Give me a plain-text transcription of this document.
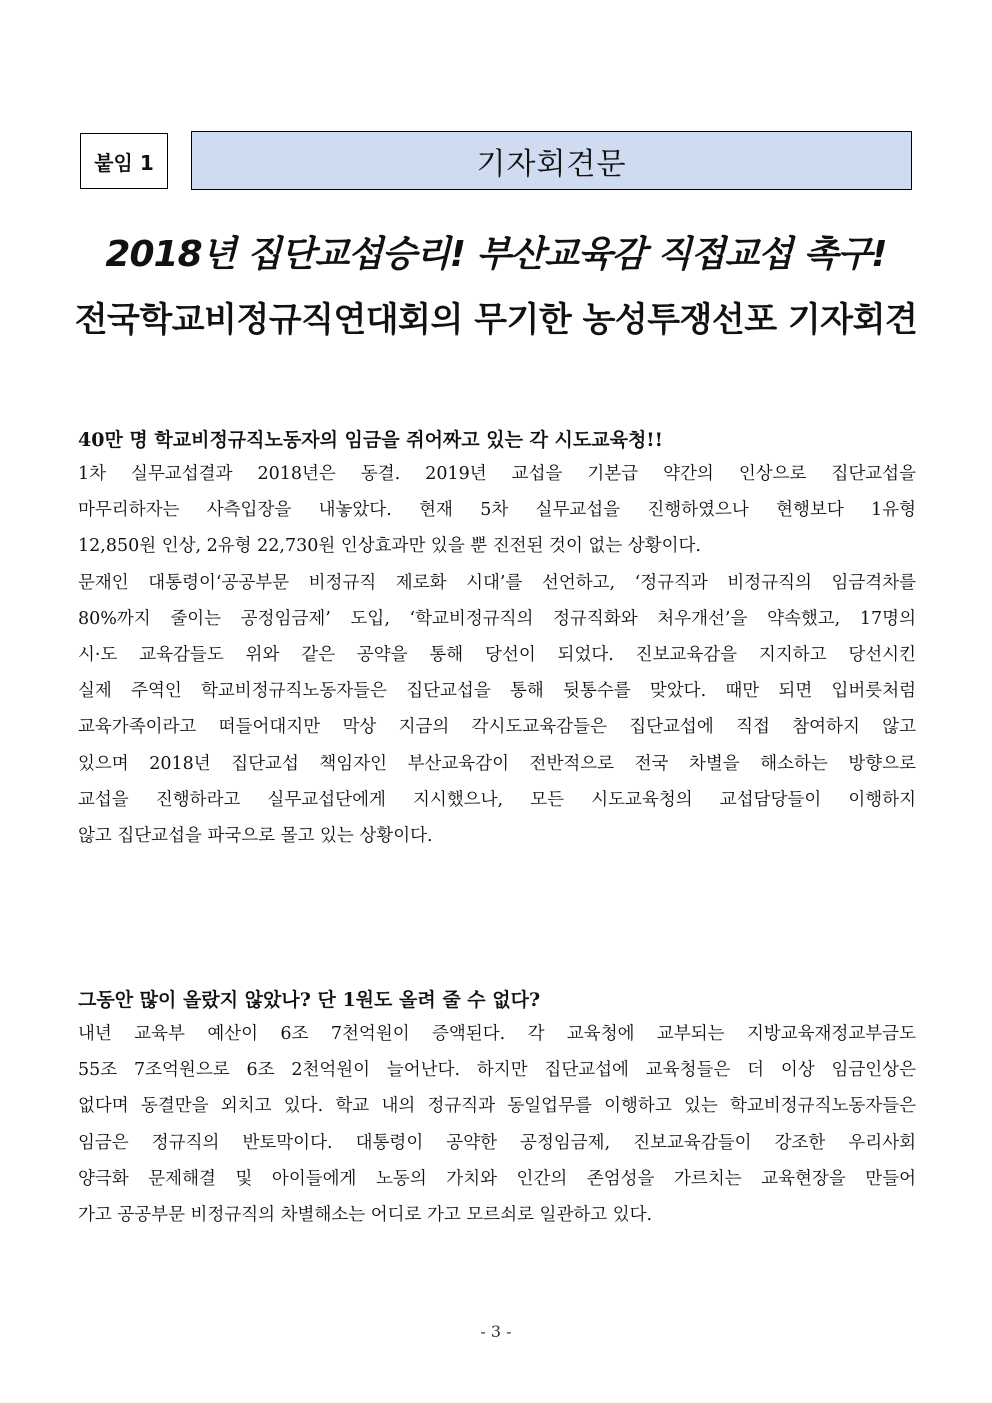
붙임 1	기자회견문
2018년 집단교섭승리! 부산교육감 직접교섭 촉구!
전국학교비정규직연대회의 무기한 농성투쟁선포 기자회견
40만 명 학교비정규직노동자의 임금을 쥐어짜고 있는 각 시도교육청!!
1차 실무교섭결과 2018년은 동결. 2019년 교섭을 기본급 약간의 인상으로 집단교섭을
마무리하자는 사측입장을 내놓았다. 현재 5차 실무교섭을 진행하였으나 현행보다 1유형
12,850원 인상, 2유형 22,730원 인상효과만 있을 뿐 진전된 것이 없는 상황이다.
문재인 대통령이‘공공부문 비정규직 제로화 시대’를 선언하고, ‘정규직과 비정규직의 임금격차를
80%까지 줄이는 공정임금제’ 도입, ‘학교비정규직의 정규직화와 처우개선’을 약속했고, 17명의
시·도 교육감들도 위와 같은 공약을 통해 당선이 되었다. 진보교육감을 지지하고 당선시킨
실제 주역인 학교비정규직노동자들은 집단교섭을 통해 뒷통수를 맞았다. 때만 되면 입버릇처럼
교육가족이라고 떠들어대지만 막상 지금의 각시도교육감들은 집단교섭에 직접 참여하지 않고
있으며 2018년 집단교섭 책임자인 부산교육감이 전반적으로 전국 차별을 해소하는 방향으로
교섭을 진행하라고 실무교섭단에게 지시했으나, 모든 시도교육청의 교섭담당들이 이행하지
않고 집단교섭을 파국으로 몰고 있는 상황이다.
그동안 많이 올랐지 않았나? 단 1원도 올려 줄 수 없다?
내년 교육부 예산이 6조 7천억원이 증액된다. 각 교육청에 교부되는 지방교육재정교부금도
55조 7조억원으로 6조 2천억원이 늘어난다. 하지만 집단교섭에 교육청들은 더 이상 임금인상은
없다며 동결만을 외치고 있다. 학교 내의 정규직과 동일업무를 이행하고 있는 학교비정규직노동자들은
임금은 정규직의 반토막이다. 대통령이 공약한 공정임금제, 진보교육감들이 강조한 우리사회
양극화 문제해결 및 아이들에게 노동의 가치와 인간의 존엄성을 가르치는 교육현장을 만들어
가고 공공부문 비정규직의 차별해소는 어디로 가고 모르쇠로 일관하고 있다.
- 3 -
